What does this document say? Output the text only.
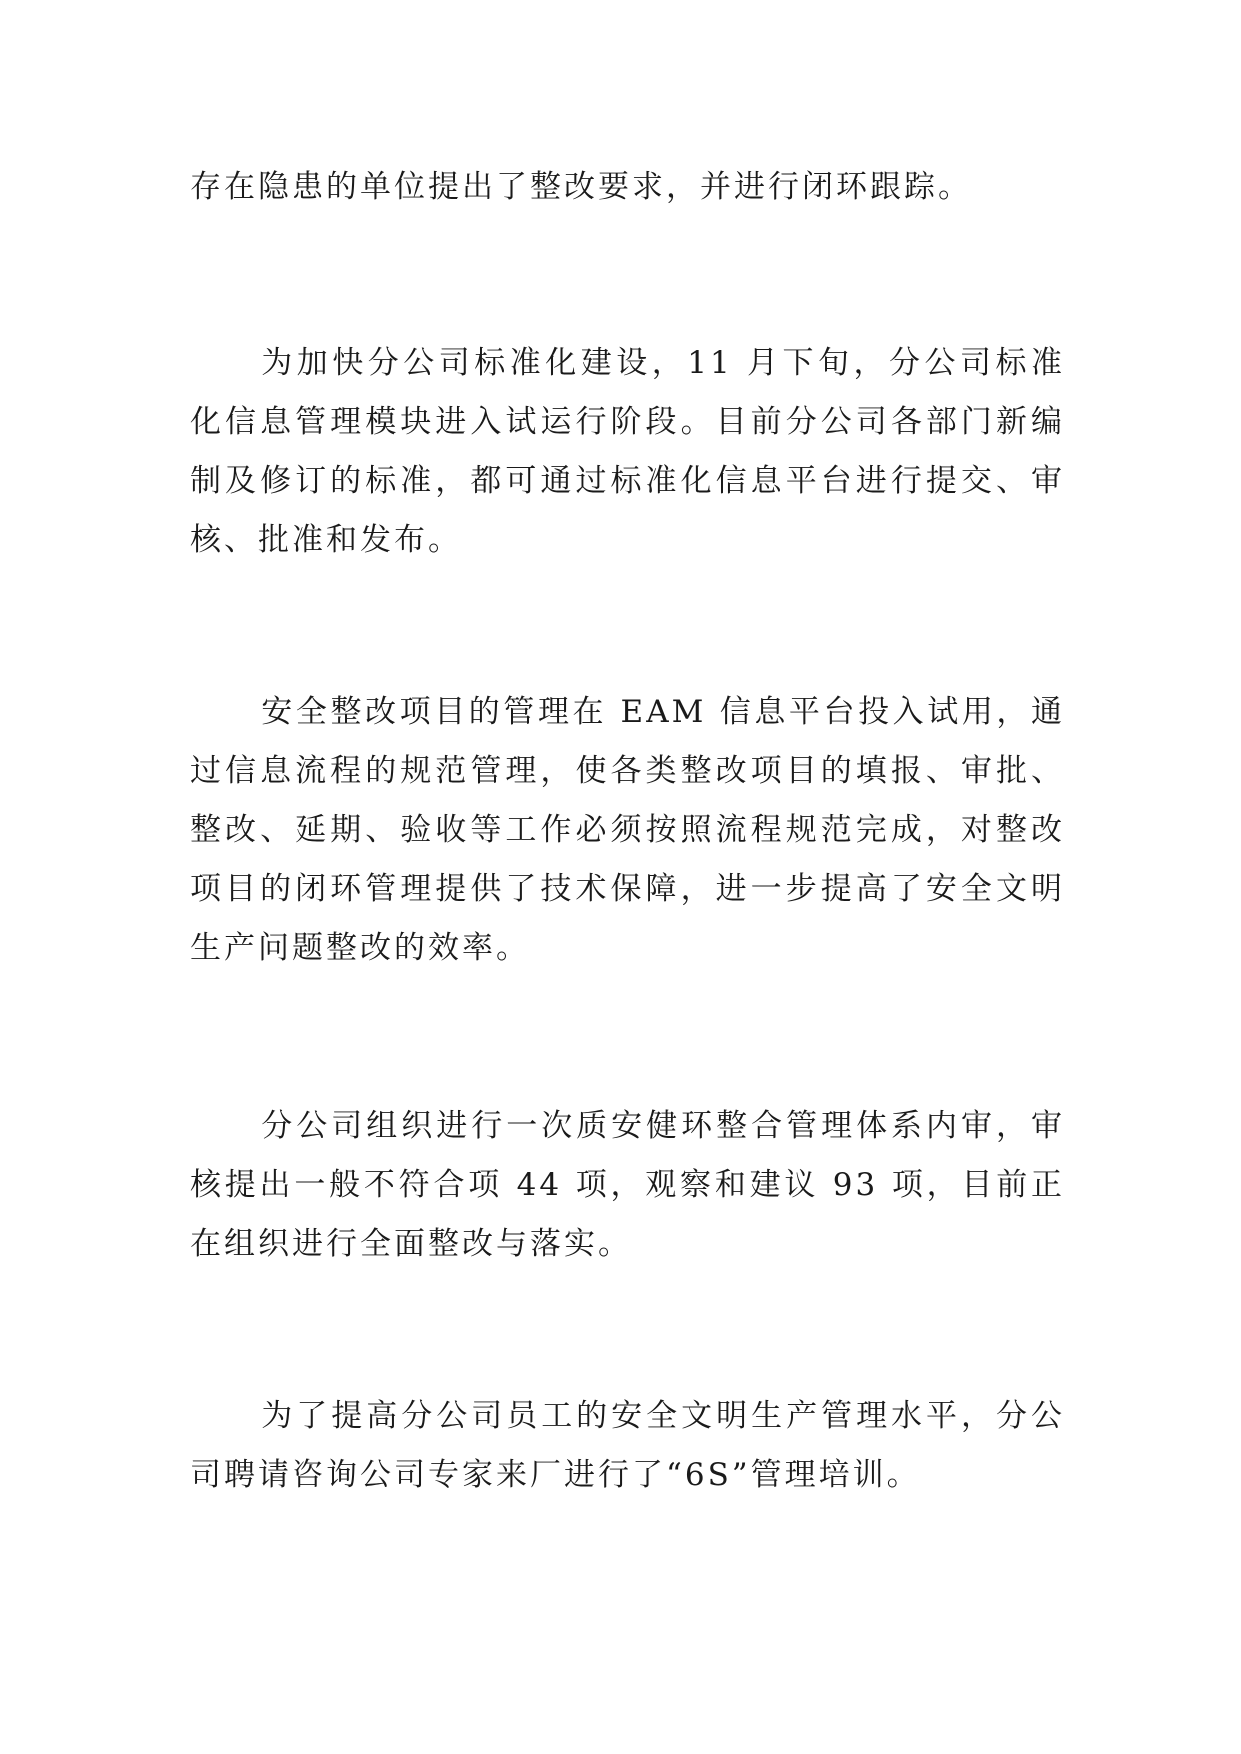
存在隐患的单位提出了整改要求，并进行闭环跟踪。

为加快分公司标准化建设，11 月下旬，分公司标准化信息管理模块进入试运行阶段。目前分公司各部门新编制及修订的标准，都可通过标准化信息平台进行提交、审核、批准和发布。

安全整改项目的管理在 EAM 信息平台投入试用，通过信息流程的规范管理，使各类整改项目的填报、审批、整改、延期、验收等工作必须按照流程规范完成，对整改项目的闭环管理提供了技术保障，进一步提高了安全文明生产问题整改的效率。

分公司组织进行一次质安健环整合管理体系内审，审核提出一般不符合项 44 项，观察和建议 93 项，目前正在组织进行全面整改与落实。

为了提高分公司员工的安全文明生产管理水平，分公司聘请咨询公司专家来厂进行了“6S”管理培训。
